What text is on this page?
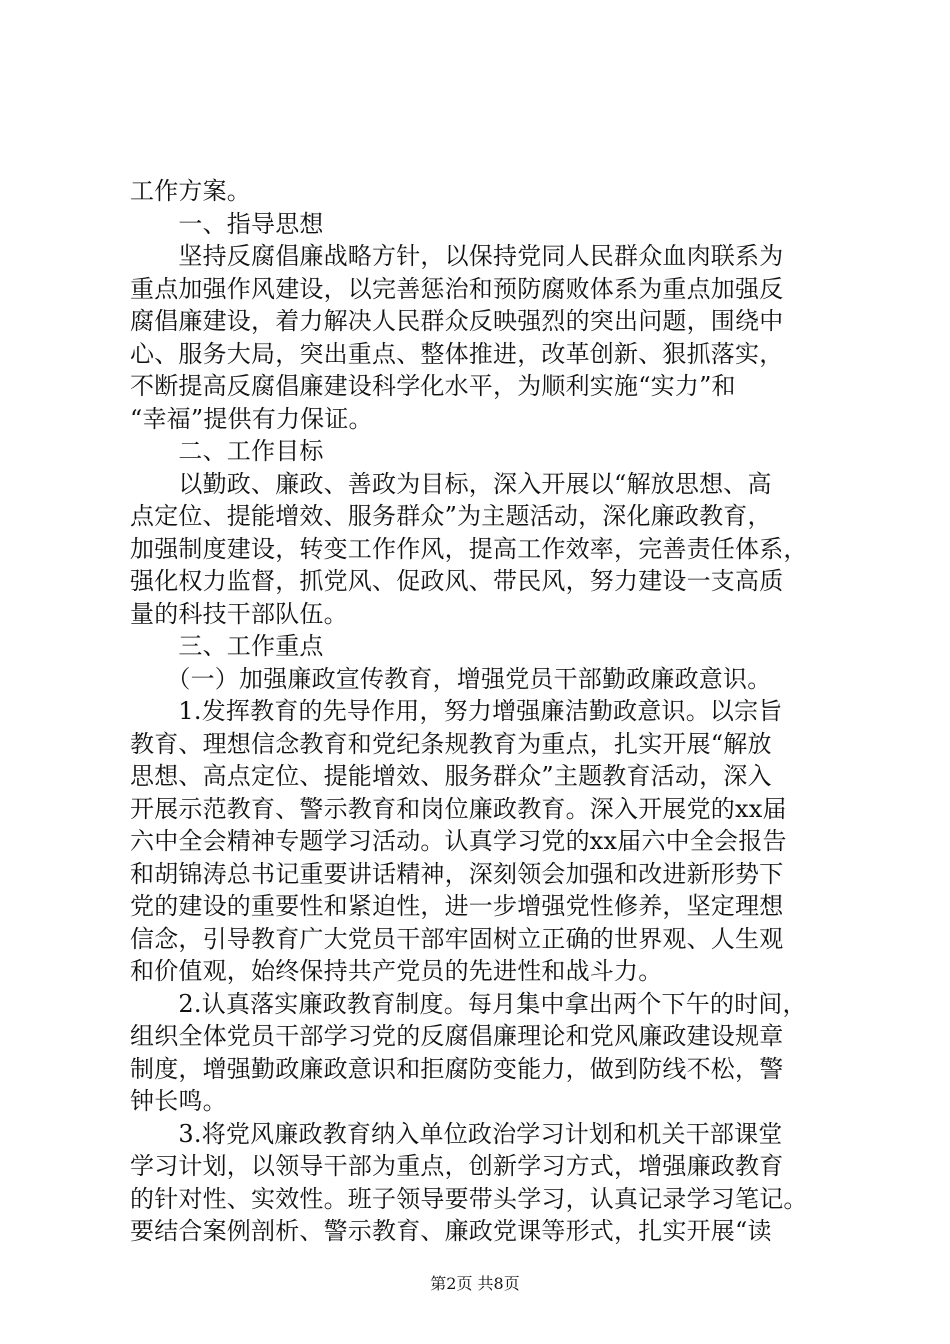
工作方案。
　　一、指导思想
　　坚持反腐倡廉战略方针，以保持党同人民群众血肉联系为
重点加强作风建设，以完善惩治和预防腐败体系为重点加强反
腐倡廉建设，着力解决人民群众反映强烈的突出问题，围绕中
心、服务大局，突出重点、整体推进，改革创新、狠抓落实，
不断提高反腐倡廉建设科学化水平，为顺利实施“实力”和
“幸福”提供有力保证。
　　二、工作目标
　　以勤政、廉政、善政为目标，深入开展以“解放思想、高
点定位、提能增效、服务群众”为主题活动，深化廉政教育，
加强制度建设，转变工作作风，提高工作效率，完善责任体系，
强化权力监督，抓党风、促政风、带民风，努力建设一支高质
量的科技干部队伍。
　　三、工作重点
　　（一）加强廉政宣传教育，增强党员干部勤政廉政意识。
　　1.发挥教育的先导作用，努力增强廉洁勤政意识。以宗旨
教育、理想信念教育和党纪条规教育为重点，扎实开展“解放
思想、高点定位、提能增效、服务群众”主题教育活动，深入
开展示范教育、警示教育和岗位廉政教育。深入开展党的xx届
六中全会精神专题学习活动。认真学习党的xx届六中全会报告
和胡锦涛总书记重要讲话精神，深刻领会加强和改进新形势下
党的建设的重要性和紧迫性，进一步增强党性修养，坚定理想
信念，引导教育广大党员干部牢固树立正确的世界观、人生观
和价值观，始终保持共产党员的先进性和战斗力。
　　2.认真落实廉政教育制度。每月集中拿出两个下午的时间，
组织全体党员干部学习党的反腐倡廉理论和党风廉政建设规章
制度，增强勤政廉政意识和拒腐防变能力，做到防线不松，警
钟长鸣。
　　3.将党风廉政教育纳入单位政治学习计划和机关干部课堂
学习计划，以领导干部为重点，创新学习方式，增强廉政教育
的针对性、实效性。班子领导要带头学习，认真记录学习笔记。
要结合案例剖析、警示教育、廉政党课等形式，扎实开展“读
第2页 共8页
